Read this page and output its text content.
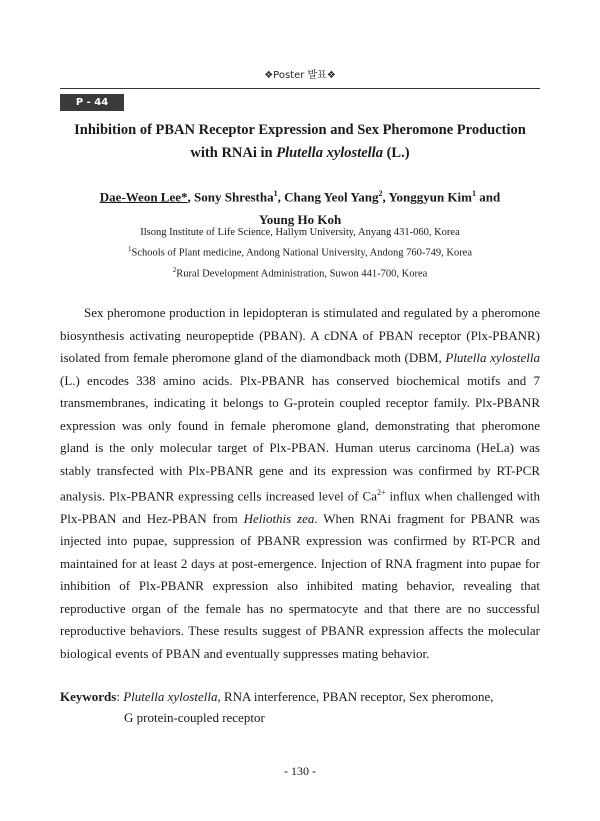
❖Poster 발표❖
P - 44
Inhibition of PBAN Receptor Expression and Sex Pheromone Production
with RNAi in Plutella xylostella (L.)
Dae-Weon Lee*, Sony Shrestha$^1$, Chang Yeol Yang$^2$, Yonggyun Kim$^1$ and
Young Ho Koh
Ilsong Institute of Life Science, Hallym University, Anyang 431-060, Korea
$^1$Schools of Plant medicine, Andong National University, Andong 760-749, Korea
$^2$Rural Development Administration, Suwon 441-700, Korea

Sex pheromone production in lepidopteran is stimulated and regulated by a pheromone biosynthesis activating neuropeptide (PBAN). A cDNA of PBAN receptor (Plx-PBANR) isolated from female pheromone gland of the diamondback moth (DBM, Plutella xylostella (L.) encodes 338 amino acids. Plx-PBANR has conserved biochemical motifs and 7 transmembranes, indicating it belongs to G-protein coupled receptor family. Plx-PBANR expression was only found in female pheromone gland, demonstrating that pheromone gland is the only molecular target of Plx-PBAN. Human uterus carcinoma (HeLa) was stably transfected with Plx-PBANR gene and its expression was confirmed by RT-PCR analysis. Plx-PBANR expressing cells increased level of $Ca^{2+}$ influx when challenged with Plx-PBAN and Hez-PBAN from Heliothis zea. When RNAi fragment for PBANR was injected into pupae, suppression of PBANR expression was confirmed by RT-PCR and maintained for at least 2 days at post-emergence. Injection of RNA fragment into pupae for inhibition of Plx-PBANR expression also inhibited mating behavior, revealing that reproductive organ of the female has no spermatocyte and that there are no successful reproductive behaviors. These results suggest of PBANR expression affects the molecular biological events of PBAN and eventually suppresses mating behavior.

Keywords: Plutella xylostella, RNA interference, PBAN receptor, Sex pheromone,
G protein-coupled receptor
- 130 -
